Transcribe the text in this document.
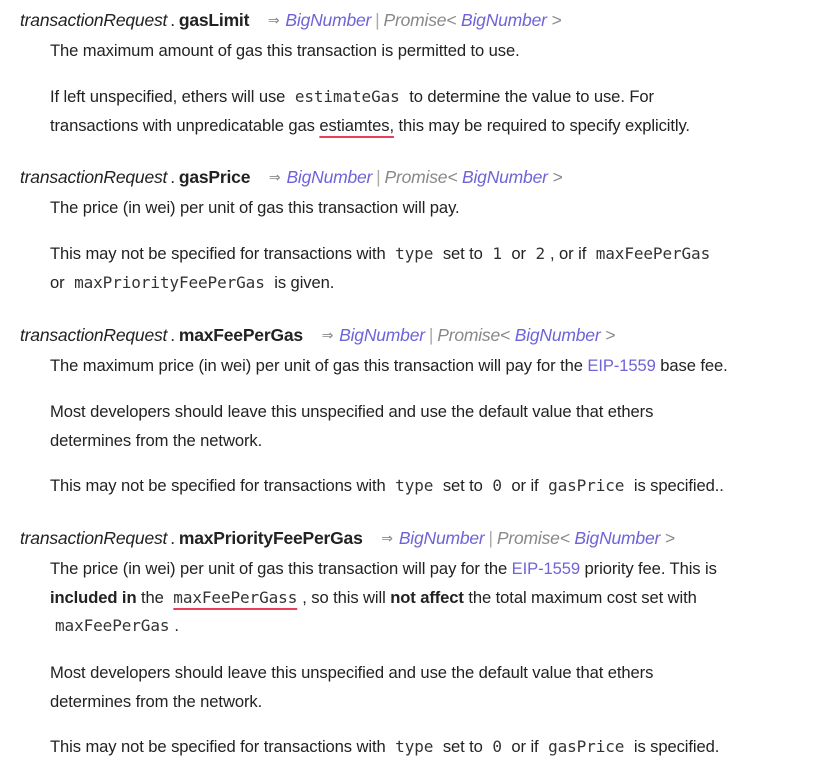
transactionRequest . gasLimit ⇒ BigNumber | Promise< BigNumber >
The maximum amount of gas this transaction is permitted to use.
If left unspecified, ethers will use estimateGas to determine the value to use. For
transactions with unpredicatable gas estiamtes, this may be required to specify explicitly.
transactionRequest . gasPrice ⇒ BigNumber | Promise< BigNumber >
The price (in wei) per unit of gas this transaction will pay.
This may not be specified for transactions with type set to 1 or 2 , or if maxFeePerGas
or maxPriorityFeePerGas is given.
transactionRequest . maxFeePerGas ⇒ BigNumber | Promise< BigNumber >
The maximum price (in wei) per unit of gas this transaction will pay for the EIP-1559 base fee.
Most developers should leave this unspecified and use the default value that ethers
determines from the network.
This may not be specified for transactions with type set to 0 or if gasPrice is specified..
transactionRequest . maxPriorityFeePerGas ⇒ BigNumber | Promise< BigNumber >
The price (in wei) per unit of gas this transaction will pay for the EIP-1559 priority fee. This is
included in the maxFeePerGass , so this will not affect the total maximum cost set with
maxFeePerGas .
Most developers should leave this unspecified and use the default value that ethers
determines from the network.
This may not be specified for transactions with type set to 0 or if gasPrice is specified.
